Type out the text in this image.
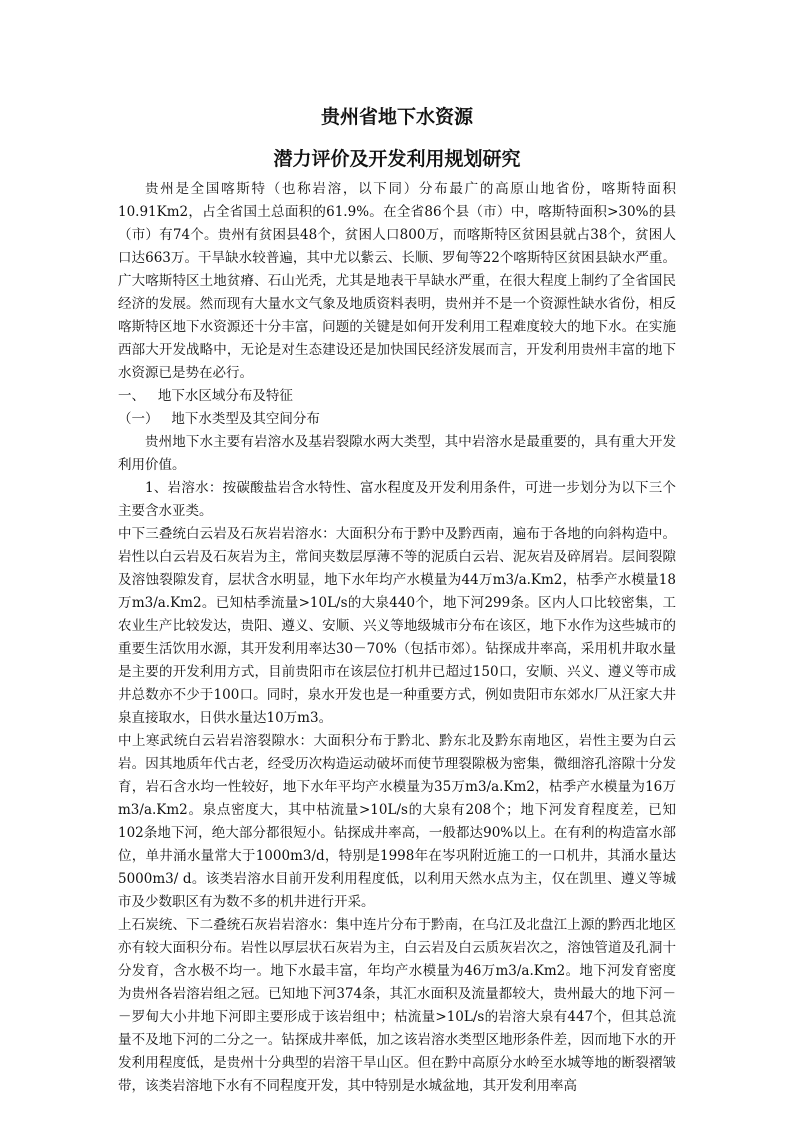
贵州省地下水资源
潜力评价及开发利用规划研究

贵州是全国喀斯特（也称岩溶，以下同）分布最广的高原山地省份，喀斯特面积10.91Km2，占全省国土总面积的61.9%。在全省86个县（市）中，喀斯特面积>30%的县（市）有74个。贵州有贫困县48个，贫困人口800万，而喀斯特区贫困县就占38个，贫困人口达663万。干旱缺水较普遍，其中尤以紫云、长顺、罗甸等22个喀斯特区贫困县缺水严重。广大喀斯特区土地贫瘠、石山光秃，尤其是地表干旱缺水严重，在很大程度上制约了全省国民经济的发展。然而现有大量水文气象及地质资料表明，贵州并不是一个资源性缺水省份，相反喀斯特区地下水资源还十分丰富，问题的关键是如何开发利用工程难度较大的地下水。在实施西部大开发战略中，无论是对生态建设还是加快国民经济发展而言，开发利用贵州丰富的地下水资源已是势在必行。

一、   地下水区域分布及特征

（一）   地下水类型及其空间分布

贵州地下水主要有岩溶水及基岩裂隙水两大类型，其中岩溶水是最重要的，具有重大开发利用价值。

1、岩溶水：按碳酸盐岩含水特性、富水程度及开发利用条件，可进一步划分为以下三个主要含水亚类。

中下三叠统白云岩及石灰岩岩溶水：大面积分布于黔中及黔西南，遍布于各地的向斜构造中。岩性以白云岩及石灰岩为主，常间夹数层厚薄不等的泥质白云岩、泥灰岩及碎屑岩。层间裂隙及溶蚀裂隙发育，层状含水明显，地下水年均产水模量为44万m3/a.Km2，枯季产水模量18万m3/a.Km2。已知枯季流量>10L/s的大泉440个，地下河299条。区内人口比较密集，工农业生产比较发达，贵阳、遵义、安顺、兴义等地级城市分布在该区，地下水作为这些城市的重要生活饮用水源，其开发利用率达30－70%（包括市郊）。钻探成井率高，采用机井取水量是主要的开发利用方式，目前贵阳市在该层位打机井已超过150口，安顺、兴义、遵义等市成井总数亦不少于100口。同时，泉水开发也是一种重要方式，例如贵阳市东郊水厂从汪家大井泉直接取水，日供水量达10万m3。

中上寒武统白云岩岩溶裂隙水：大面积分布于黔北、黔东北及黔东南地区，岩性主要为白云岩。因其地质年代古老，经受历次构造运动破坏而使节理裂隙极为密集，微细溶孔溶隙十分发育，岩石含水均一性较好，地下水年平均产水模量为35万m3/a.Km2，枯季产水模量为16万m3/a.Km2。泉点密度大，其中枯流量>10L/s的大泉有208个；地下河发育程度差，已知102条地下河，绝大部分都很短小。钻探成井率高，一般都达90%以上。在有利的构造富水部位，单井涌水量常大于1000m3/d，特别是1998年在岑巩附近施工的一口机井，其涌水量达5000m3/ d。该类岩溶水目前开发利用程度低，以利用天然水点为主，仅在凯里、遵义等城市及少数职区有为数不多的机井进行开采。

上石炭统、下二叠统石灰岩岩溶水：集中连片分布于黔南，在乌江及北盘江上源的黔西北地区亦有较大面积分布。岩性以厚层状石灰岩为主，白云岩及白云质灰岩次之，溶蚀管道及孔洞十分发育，含水极不均一。地下水最丰富，年均产水模量为46万m3/a.Km2。地下河发育密度为贵州各岩溶岩组之冠。已知地下河374条，其汇水面积及流量都较大，贵州最大的地下河－－罗甸大小井地下河即主要形成于该岩组中；枯流量>10L/s的岩溶大泉有447个，但其总流量不及地下河的二分之一。钻探成井率低，加之该岩溶水类型区地形条件差，因而地下水的开发利用程度低，是贵州十分典型的岩溶干旱山区。但在黔中高原分水岭至水城等地的断裂褶皱带，该类岩溶地下水有不同程度开发，其中特别是水城盆地，其开发利用率高
